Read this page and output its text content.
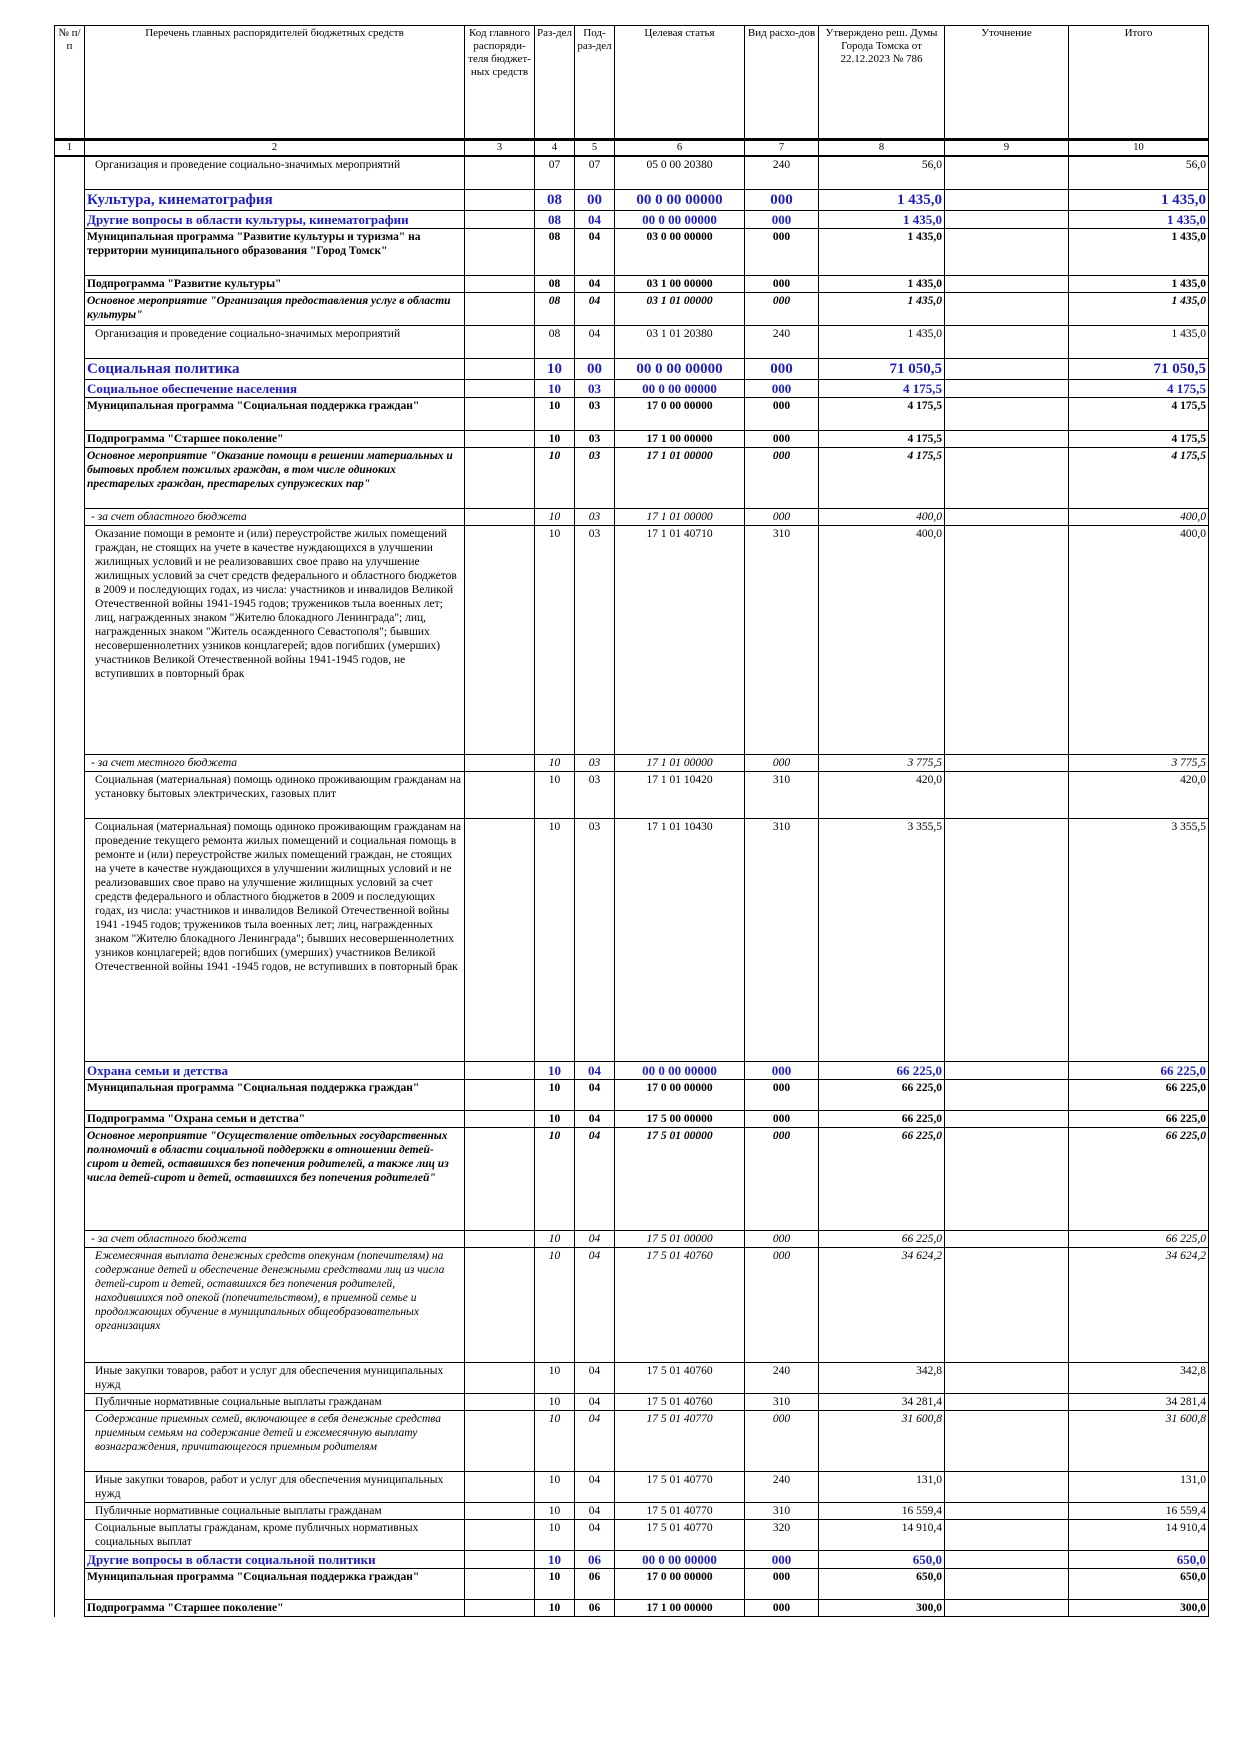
№ п/п	Перечень главных распорядителей бюджетных средств	Код главного распоряди-теля бюджет-ных средств	Раз-дел	Под-раз-дел	Целевая статья	Вид расхо-дов	Утверждено реш. Думы Города Томска от 22.12.2023 № 786	Уточнение	Итого
1	2	3	4	5	6	7	8	9	10
	Организация и проведение социально-значимых мероприятий		07	07	05 0 00 20380	240	56,0		56,0
	Культура, кинематография		08	00	00 0 00 00000	000	1 435,0		1 435,0
	Другие вопросы в области культуры, кинематографии		08	04	00 0 00 00000	000	1 435,0		1 435,0
	Муниципальная программа "Развитие культуры и туризма" на территории муниципального образования "Город Томск"		08	04	03 0 00 00000	000	1 435,0		1 435,0
	Подпрограмма "Развитие культуры"		08	04	03 1 00 00000	000	1 435,0		1 435,0
	Основное мероприятие "Организация предоставления услуг в области культуры"		08	04	03 1 01 00000	000	1 435,0		1 435,0
	Организация и проведение социально-значимых мероприятий		08	04	03 1 01 20380	240	1 435,0		1 435,0
	Социальная политика		10	00	00 0 00 00000	000	71 050,5		71 050,5
	Социальное обеспечение населения		10	03	00 0 00 00000	000	4 175,5		4 175,5
	Муниципальная программа "Социальная поддержка граждан"		10	03	17 0 00 00000	000	4 175,5		4 175,5
	Подпрограмма "Старшее поколение"		10	03	17 1 00 00000	000	4 175,5		4 175,5
	Основное мероприятие "Оказание помощи в решении материальных и бытовых проблем пожилых граждан, в том числе одиноких престарелых граждан, престарелых супружеских пар"		10	03	17 1 01 00000	000	4 175,5		4 175,5
	- за счет областного бюджета		10	03	17 1 01 00000	000	400,0		400,0
	Оказание помощи в ремонте и (или) переустройстве жилых помещений граждан, не стоящих на учете в качестве нуждающихся в улучшении жилищных условий и не реализовавших свое право на улучшение жилищных условий за счет средств федерального и областного бюджетов в 2009 и последующих годах, из числа: участников и инвалидов Великой Отечественной войны 1941-1945 годов; тружеников тыла военных лет; лиц, награжденных знаком "Жителю блокадного Ленинграда"; лиц, награжденных знаком "Житель осажденного Севастополя"; бывших несовершеннолетних узников концлагерей; вдов погибших (умерших) участников Великой Отечественной войны 1941-1945 годов, не вступивших в повторный брак		10	03	17 1 01 40710	310	400,0		400,0
	- за счет местного бюджета		10	03	17 1 01 00000	000	3 775,5		3 775,5
	Социальная (материальная) помощь одиноко проживающим гражданам на установку бытовых электрических, газовых плит		10	03	17 1 01 10420	310	420,0		420,0
	Социальная (материальная) помощь одиноко проживающим гражданам на проведение текущего ремонта жилых помещений и социальная помощь в ремонте и (или) переустройстве жилых помещений граждан, не стоящих на учете в качестве нуждающихся в улучшении жилищных условий и не реализовавших свое право на улучшение жилищных условий за счет средств федерального и областного бюджетов в 2009 и последующих годах, из числа: участников и инвалидов Великой Отечественной войны 1941 -1945 годов; тружеников тыла военных лет; лиц, награжденных знаком "Жителю блокадного Ленинграда"; бывших несовершеннолетних узников концлагерей; вдов погибших (умерших) участников Великой Отечественной войны 1941 -1945 годов, не вступивших в повторный брак		10	03	17 1 01 10430	310	3 355,5		3 355,5
	Охрана семьи и детства		10	04	00 0 00 00000	000	66 225,0		66 225,0
	Муниципальная программа "Социальная поддержка граждан"		10	04	17 0 00 00000	000	66 225,0		66 225,0
	Подпрограмма "Охрана семьи и детства"		10	04	17 5 00 00000	000	66 225,0		66 225,0
	Основное мероприятие "Осуществление отдельных государственных полномочий в области социальной поддержки в отношении детей-сирот и детей, оставшихся без попечения родителей, а также лиц из числа детей-сирот и детей, оставшихся без попечения родителей"		10	04	17 5 01 00000	000	66 225,0		66 225,0
	- за счет областного бюджета		10	04	17 5 01 00000	000	66 225,0		66 225,0
	Ежемесячная выплата денежных средств опекунам (попечителям) на содержание детей и обеспечение денежными средствами лиц из числа детей-сирот и детей, оставшихся без попечения родителей, находившихся под опекой (попечительством), в приемной семье и продолжающих обучение в муниципальных общеобразовательных организациях		10	04	17 5 01 40760	000	34 624,2		34 624,2
	Иные закупки товаров, работ и услуг для обеспечения муниципальных нужд		10	04	17 5 01 40760	240	342,8		342,8
	Публичные нормативные социальные выплаты гражданам		10	04	17 5 01 40760	310	34 281,4		34 281,4
	Содержание приемных семей, включающее в себя денежные средства приемным семьям на содержание детей и ежемесячную выплату вознаграждения, причитающегося приемным родителям		10	04	17 5 01 40770	000	31 600,8		31 600,8
	Иные закупки товаров, работ и услуг для обеспечения муниципальных нужд		10	04	17 5 01 40770	240	131,0		131,0
	Публичные нормативные социальные выплаты гражданам		10	04	17 5 01 40770	310	16 559,4		16 559,4
	Социальные выплаты гражданам, кроме публичных нормативных социальных выплат		10	04	17 5 01 40770	320	14 910,4		14 910,4
	Другие вопросы в области социальной политики		10	06	00 0 00 00000	000	650,0		650,0
	Муниципальная программа "Социальная поддержка граждан"		10	06	17 0 00 00000	000	650,0		650,0
	Подпрограмма "Старшее поколение"		10	06	17 1 00 00000	000	300,0		300,0
